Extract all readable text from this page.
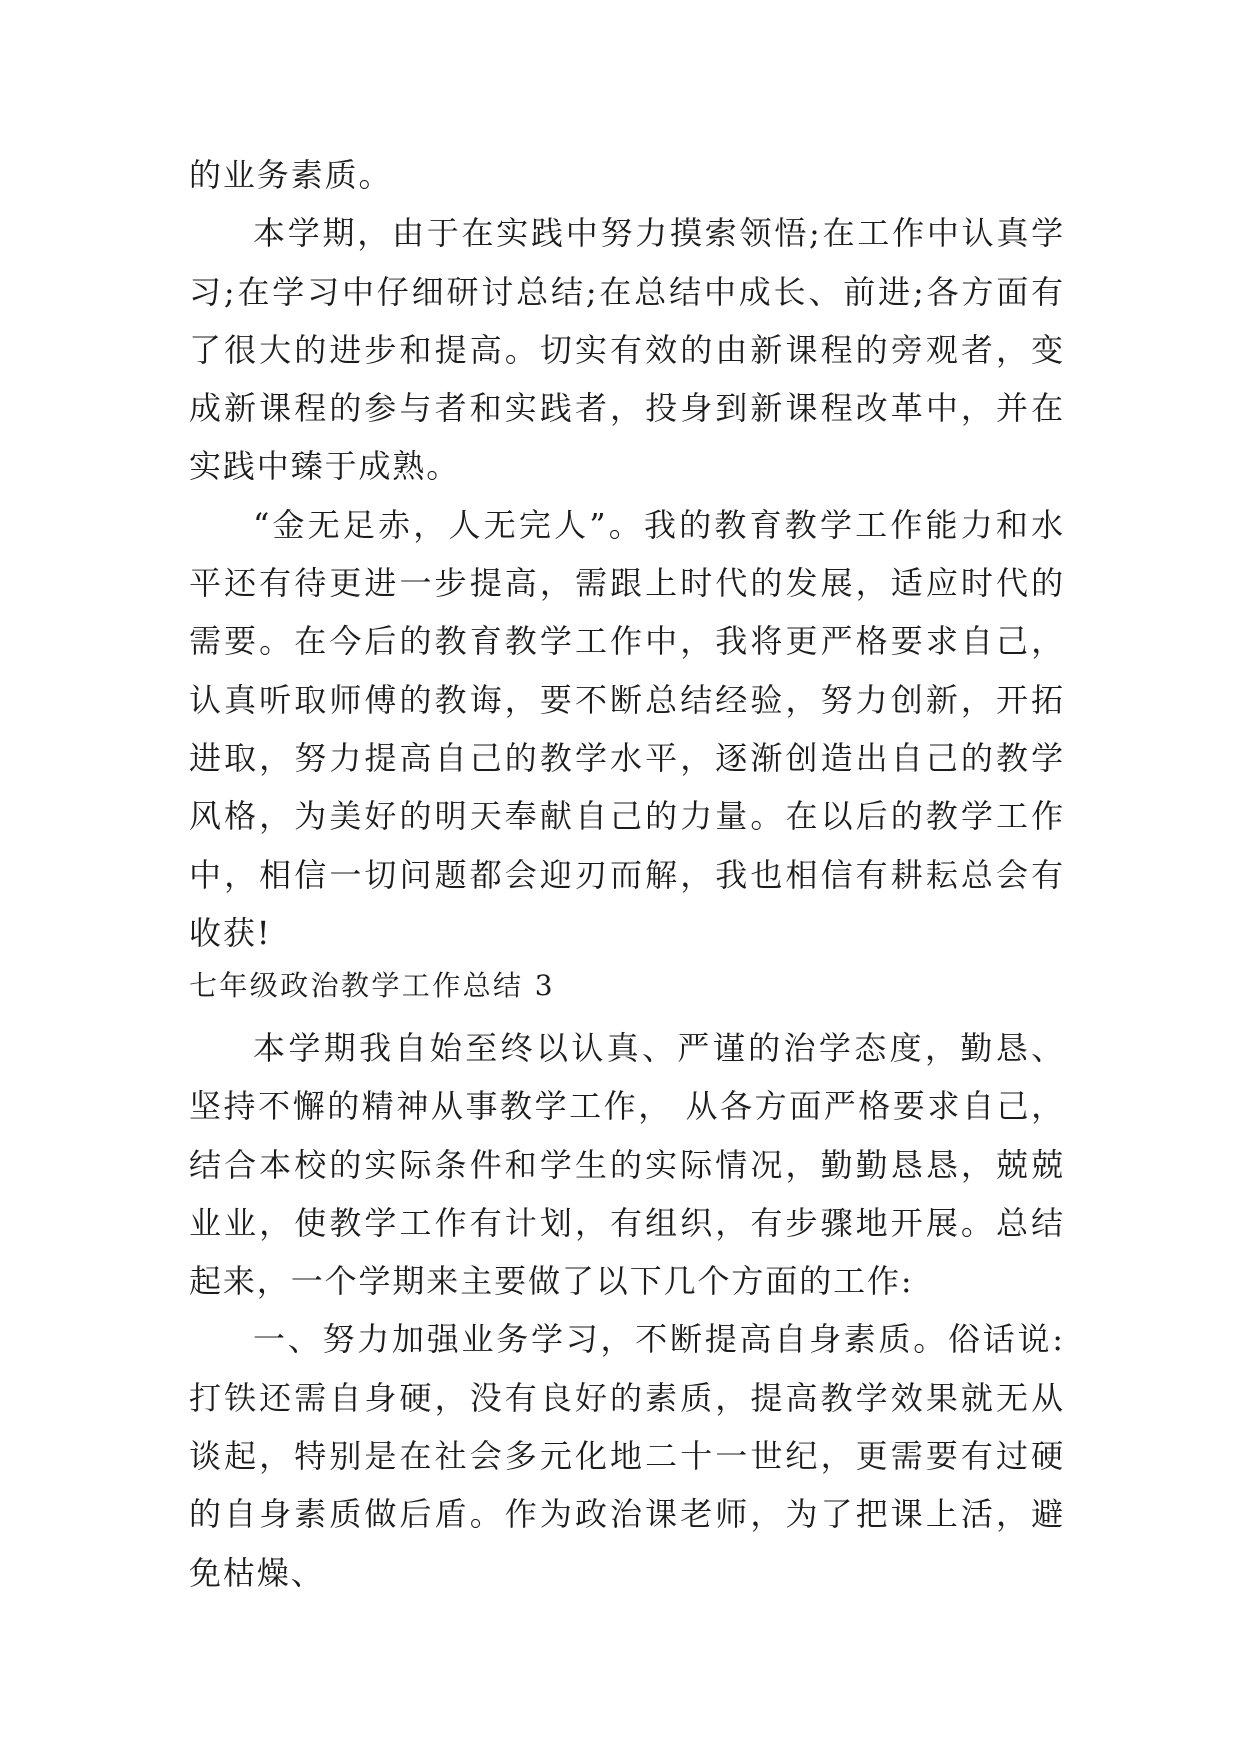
的业务素质。

本学期，由于在实践中努力摸索领悟;在工作中认真学习;在学习中仔细研讨总结;在总结中成长、前进;各方面有了很大的进步和提高。切实有效的由新课程的旁观者，变成新课程的参与者和实践者，投身到新课程改革中，并在实践中臻于成熟。

“金无足赤，人无完人”。我的教育教学工作能力和水平还有待更进一步提高，需跟上时代的发展，适应时代的需要。在今后的教育教学工作中，我将更严格要求自己，认真听取师傅的教诲，要不断总结经验，努力创新，开拓进取，努力提高自己的教学水平，逐渐创造出自己的教学风格，为美好的明天奉献自己的力量。在以后的教学工作中，相信一切问题都会迎刃而解，我也相信有耕耘总会有收获!

七年级政治教学工作总结 3

本学期我自始至终以认真、严谨的治学态度，勤恳、坚持不懈的精神从事教学工作， 从各方面严格要求自己，结合本校的实际条件和学生的实际情况，勤勤恳恳，兢兢业业，使教学工作有计划，有组织，有步骤地开展。总结起来，一个学期来主要做了以下几个方面的工作:

一、努力加强业务学习，不断提高自身素质。俗话说:打铁还需自身硬，没有良好的素质，提高教学效果就无从谈起，特别是在社会多元化地二十一世纪，更需要有过硬的自身素质做后盾。作为政治课老师，为了把课上活，避免枯燥、
